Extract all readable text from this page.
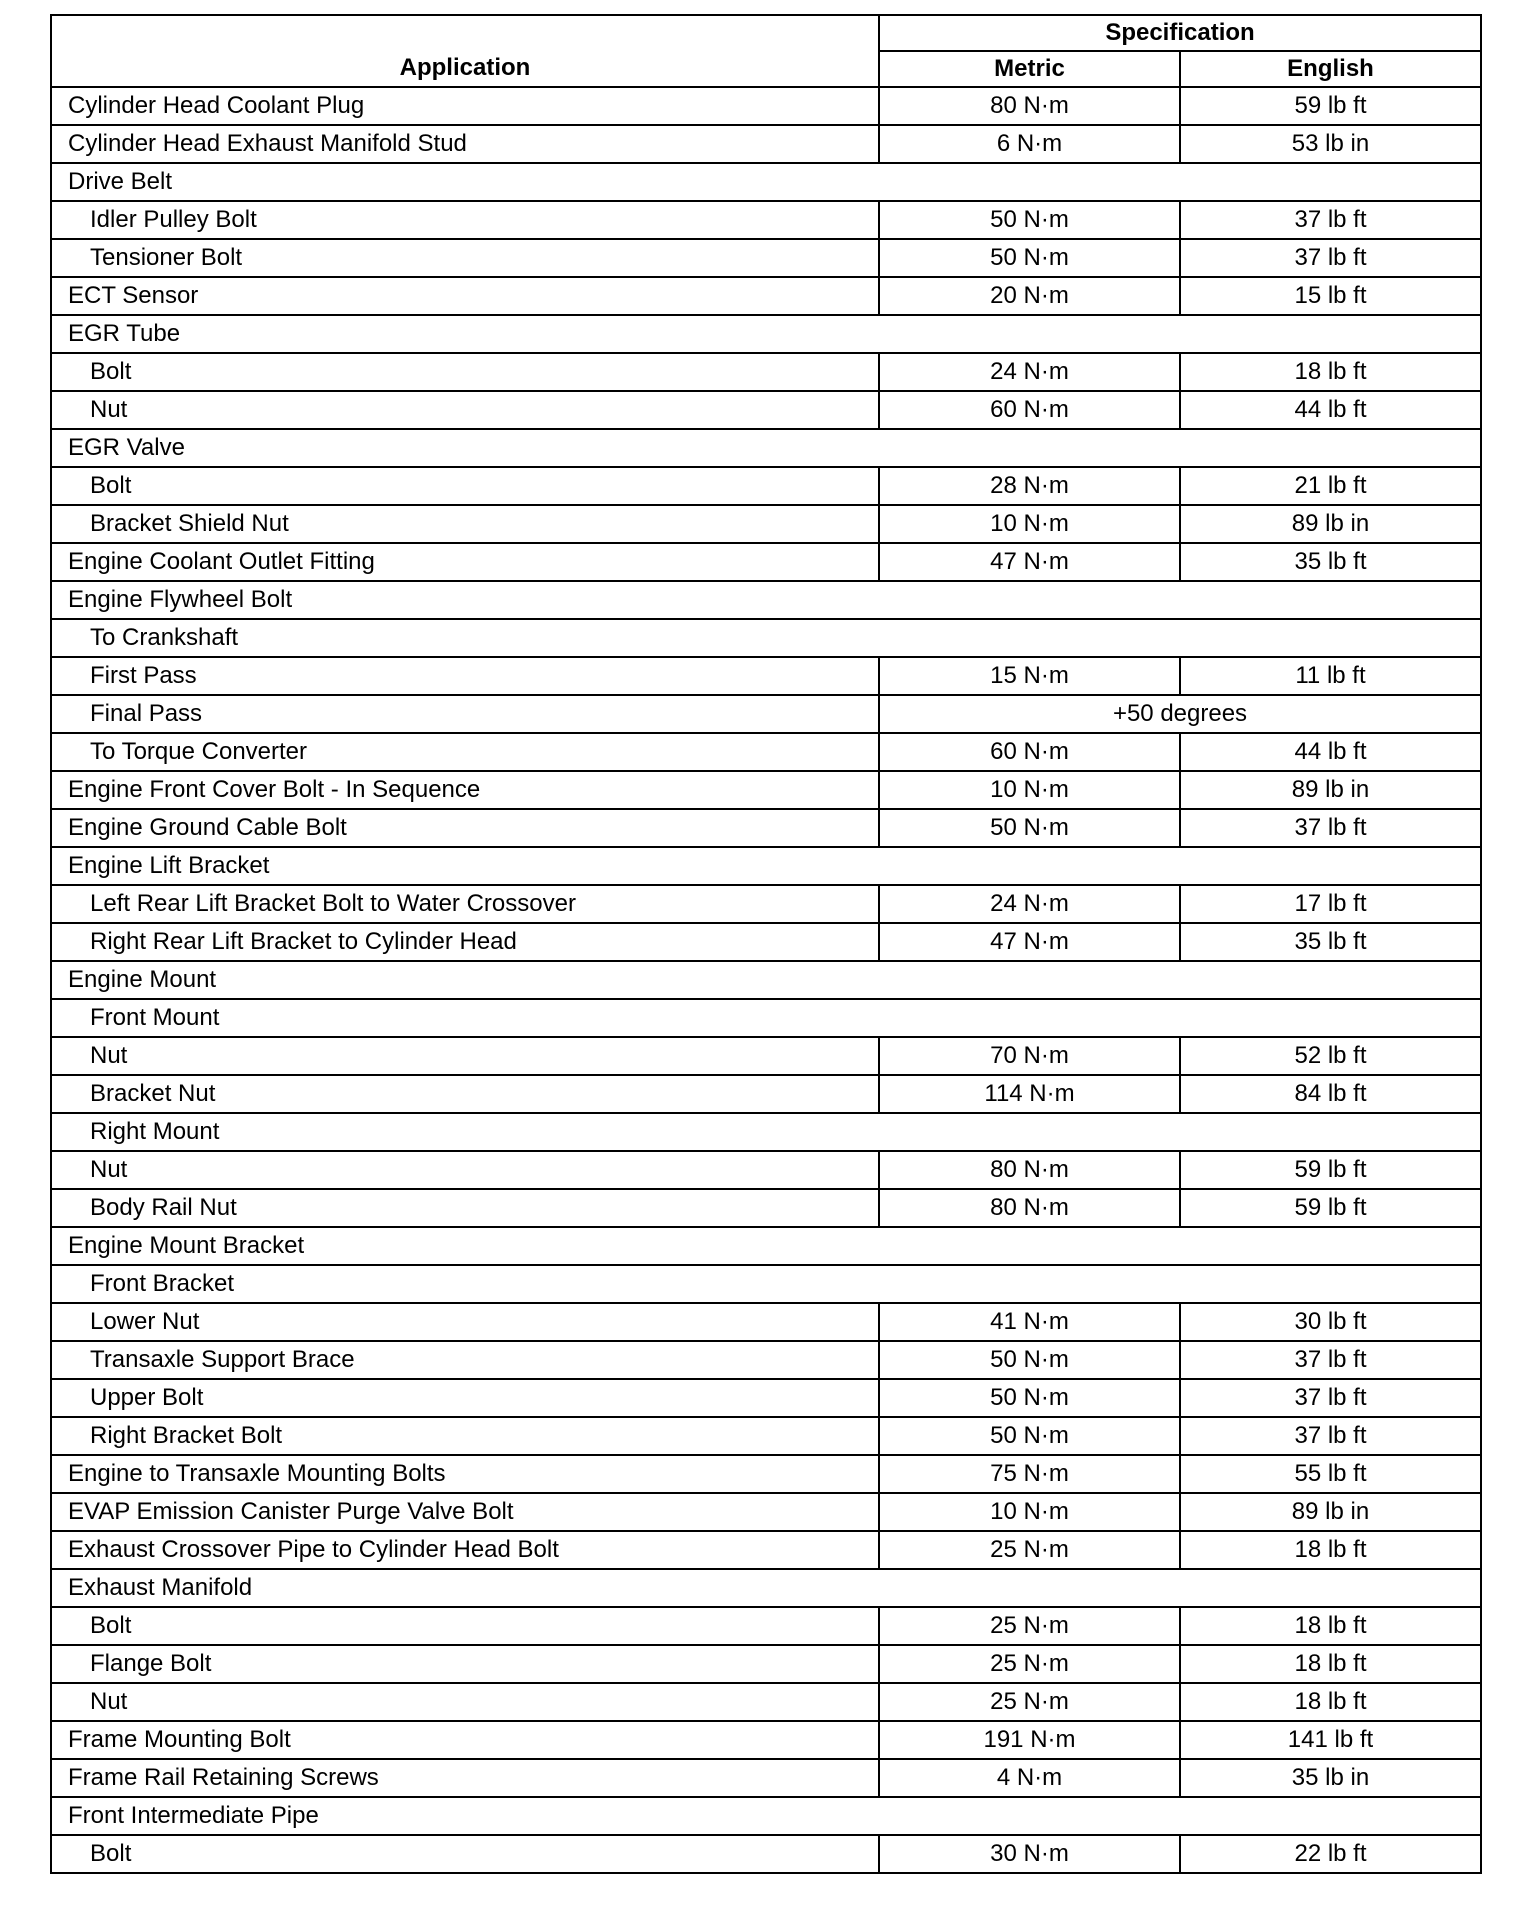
Application	Specification	
	Metric	English
Cylinder Head Coolant Plug	80 N·m	59 lb ft
Cylinder Head Exhaust Manifold Stud	6 N·m	53 lb in
Drive Belt		
Idler Pulley Bolt	50 N·m	37 lb ft
Tensioner Bolt	50 N·m	37 lb ft
ECT Sensor	20 N·m	15 lb ft
EGR Tube		
Bolt	24 N·m	18 lb ft
Nut	60 N·m	44 lb ft
EGR Valve		
Bolt	28 N·m	21 lb ft
Bracket Shield Nut	10 N·m	89 lb in
Engine Coolant Outlet Fitting	47 N·m	35 lb ft
Engine Flywheel Bolt		
To Crankshaft		
First Pass	15 N·m	11 lb ft
Final Pass	+50 degrees	
To Torque Converter	60 N·m	44 lb ft
Engine Front Cover Bolt - In Sequence	10 N·m	89 lb in
Engine Ground Cable Bolt	50 N·m	37 lb ft
Engine Lift Bracket		
Left Rear Lift Bracket Bolt to Water Crossover	24 N·m	17 lb ft
Right Rear Lift Bracket to Cylinder Head	47 N·m	35 lb ft
Engine Mount		
Front Mount		
Nut	70 N·m	52 lb ft
Bracket Nut	114 N·m	84 lb ft
Right Mount		
Nut	80 N·m	59 lb ft
Body Rail Nut	80 N·m	59 lb ft
Engine Mount Bracket		
Front Bracket		
Lower Nut	41 N·m	30 lb ft
Transaxle Support Brace	50 N·m	37 lb ft
Upper Bolt	50 N·m	37 lb ft
Right Bracket Bolt	50 N·m	37 lb ft
Engine to Transaxle Mounting Bolts	75 N·m	55 lb ft
EVAP Emission Canister Purge Valve Bolt	10 N·m	89 lb in
Exhaust Crossover Pipe to Cylinder Head Bolt	25 N·m	18 lb ft
Exhaust Manifold		
Bolt	25 N·m	18 lb ft
Flange Bolt	25 N·m	18 lb ft
Nut	25 N·m	18 lb ft
Frame Mounting Bolt	191 N·m	141 lb ft
Frame Rail Retaining Screws	4 N·m	35 lb in
Front Intermediate Pipe		
Bolt	30 N·m	22 lb ft
